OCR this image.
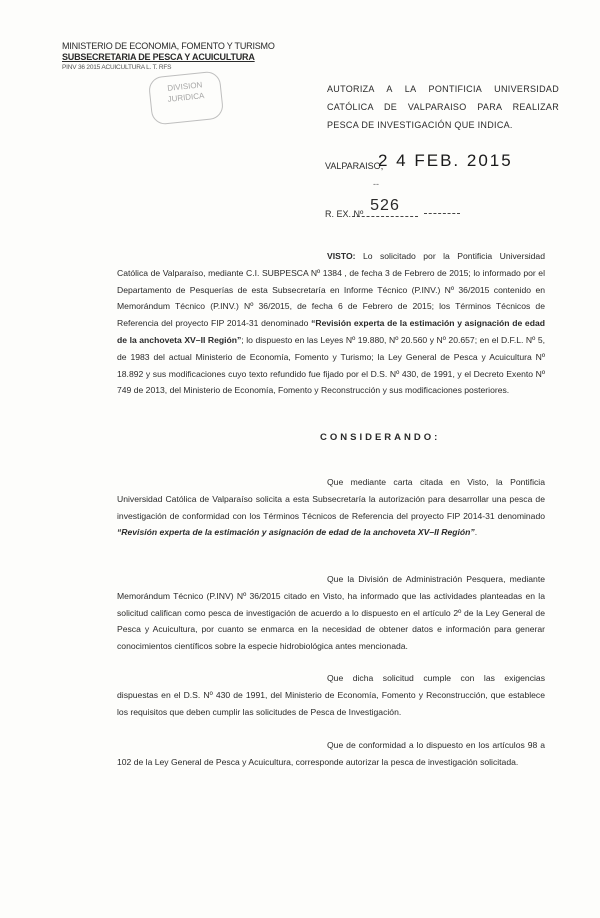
MINISTERIO DE ECONOMIA, FOMENTO Y TURISMO
SUBSECRETARIA DE PESCA Y ACUICULTURA
PINV 36 2015 ACUICULTURA L. T. RFS
DIVISION
JURIDICA
AUTORIZA A LA PONTIFICIA UNIVERSIDAD CATÓLICA DE VALPARAISO PARA REALIZAR PESCA DE INVESTIGACIÓN QUE INDICA.
VALPARAISO,
2 4 FEB. 2015
--
R. EX. Nº 526
VISTO: Lo solicitado por la Pontificia Universidad Católica de Valparaíso, mediante C.I. SUBPESCA Nº 1384 , de fecha 3 de Febrero de 2015; lo informado por el Departamento de Pesquerías de esta Subsecretaría en Informe Técnico (P.INV.) Nº 36/2015 contenido en Memorándum Técnico (P.INV.) Nº 36/2015, de fecha 6 de Febrero de 2015; los Términos Técnicos de Referencia del proyecto FIP 2014-31 denominado “Revisión experta de la estimación y asignación de edad de la anchoveta XV–II Región”; lo dispuesto en las Leyes Nº 19.880, Nº 20.560 y Nº 20.657; en el D.F.L. Nº 5, de 1983 del actual Ministerio de Economía, Fomento y Turismo; la Ley General de Pesca y Acuicultura Nº 18.892 y sus modificaciones cuyo texto refundido fue fijado por el D.S. Nº 430, de 1991, y el Decreto Exento Nº 749 de 2013, del Ministerio de Economía, Fomento y Reconstrucción y sus modificaciones posteriores.
CONSIDERANDO:
Que mediante carta citada en Visto, la Pontificia Universidad Católica de Valparaíso solicita a esta Subsecretaría la autorización para desarrollar una pesca de investigación de conformidad con los Términos Técnicos de Referencia del proyecto FIP 2014-31 denominado “Revisión experta de la estimación y asignación de edad de la anchoveta XV–II Región”.
Que la División de Administración Pesquera, mediante Memorándum Técnico (P.INV) Nº 36/2015 citado en Visto, ha informado que las actividades planteadas en la solicitud califican como pesca de investigación de acuerdo a lo dispuesto en el artículo 2º de la Ley General de Pesca y Acuicultura, por cuanto se enmarca en la necesidad de obtener datos e información para generar conocimientos científicos sobre la especie hidrobiológica antes mencionada.
Que dicha solicitud cumple con las exigencias dispuestas en el D.S. Nº 430 de 1991, del Ministerio de Economía, Fomento y Reconstrucción, que establece los requisitos que deben cumplir las solicitudes de Pesca de Investigación.
Que de conformidad a lo dispuesto en los artículos 98 a 102 de la Ley General de Pesca y Acuicultura, corresponde autorizar la pesca de investigación solicitada.
